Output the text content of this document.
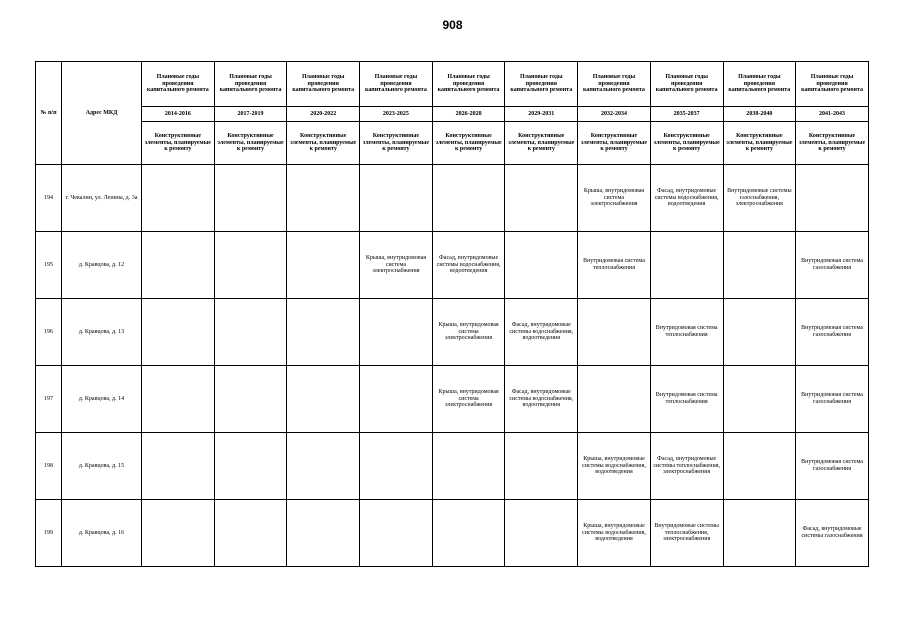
908
№ п/п	Адрес МКД	Плановые годы проведения капитального ремонта	Плановые годы проведения капитального ремонта	Плановые годы проведения капитального ремонта	Плановые годы проведения капитального ремонта	Плановые годы проведения капитального ремонта	Плановые годы проведения капитального ремонта	Плановые годы проведения капитального ремонта	Плановые годы проведения капитального ремонта	Плановые годы проведения капитального ремонта	Плановые годы проведения капитального ремонта
		2014-2016	2017-2019	2020-2022	2023-2025	2026-2028	2029-2031	2032-2034	2035-2037	2038-2040	2041-2043
		Конструктивные элементы, планируемые к ремонту	Конструктивные элементы, планируемые к ремонту	Конструктивные элементы, планируемые к ремонту	Конструктивные элементы, планируемые к ремонту	Конструктивные элементы, планируемые к ремонту	Конструктивные элементы, планируемые к ремонту	Конструктивные элементы, планируемые к ремонту	Конструктивные элементы, планируемые к ремонту	Конструктивные элементы, планируемые к ремонту	Конструктивные элементы, планируемые к ремонту
194	г. Чекалин, ул. Ленина, д. 3а							Крыша, внутридомовая система электроснабжения	Фасад, внутридомовые системы водоснабжения, водоотведения	Внутридомовые системы газоснабжения, электроснабжения	
195	д. Кравцова, д. 12				Крыша, внутридомовая система электроснабжения	Фасад, внутридомовые системы водоснабжения, водоотведения		Внутридомовая система теплоснабжения			Внутридомовая система газоснабжения
196	д. Кравцова, д. 13					Крыша, внутридомовая система электроснабжения	Фасад, внутридомовые системы водоснабжения, водоотведения		Внутридомовая система теплоснабжения		Внутридомовая система газоснабжения
197	д. Кравцова, д. 14					Крыша, внутридомовая система электроснабжения	Фасад, внутридомовые системы водоснабжения, водоотведения		Внутридомовая система теплоснабжения		Внутридомовая система газоснабжения
198	д. Кравцова, д. 15							Крыша, внутридомовые системы водоснабжения, водоотведения	Фасад, внутридомовые системы теплоснабжения, электроснабжения		Внутридомовая система газоснабжения
199	д. Кравцова, д. 16							Крыша, внутридомовые системы водоснабжения, водоотведения	Внутридомовые системы теплоснабжения, электроснабжения		Фасад, внутридомовые системы газоснабжения
